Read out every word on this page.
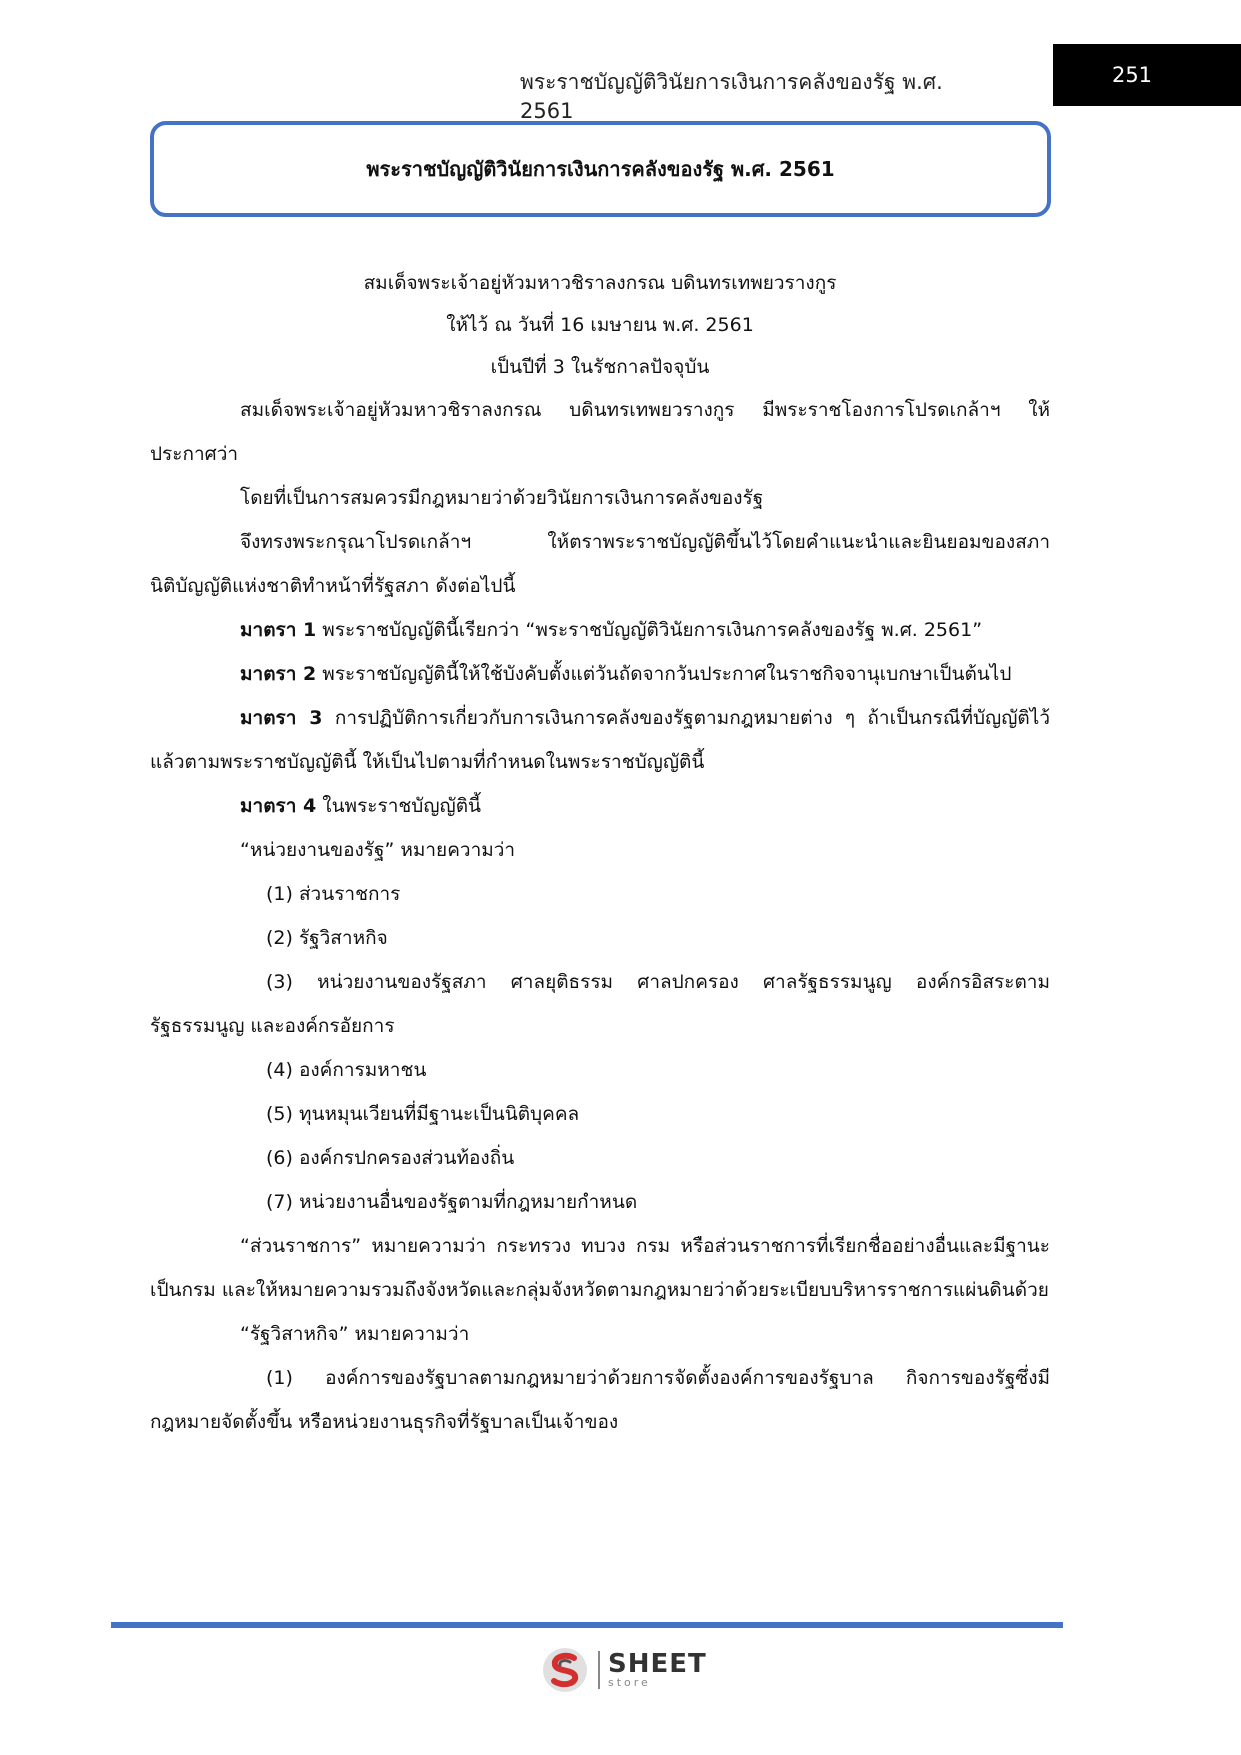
พระราชบัญญัติวินัยการเงินการคลังของรัฐ พ.ศ. 2561
251
พระราชบัญญัติวินัยการเงินการคลังของรัฐ พ.ศ. 2561
สมเด็จพระเจ้าอยู่หัวมหาวชิราลงกรณ บดินทรเทพยวรางกูร
ให้ไว้ ณ วันที่ 16 เมษายน พ.ศ. 2561
เป็นปีที่ 3 ในรัชกาลปัจจุบัน
สมเด็จพระเจ้าอยู่หัวมหาวชิราลงกรณ บดินทรเทพยวรางกูร มีพระราชโองการโปรดเกล้าฯ ให้ประกาศว่า
โดยที่เป็นการสมควรมีกฎหมายว่าด้วยวินัยการเงินการคลังของรัฐ
จึงทรงพระกรุณาโปรดเกล้าฯ ให้ตราพระราชบัญญัติขึ้นไว้โดยคำแนะนำและยินยอมของสภานิติบัญญัติแห่งชาติทำหน้าที่รัฐสภา ดังต่อไปนี้
มาตรา 1 พระราชบัญญัตินี้เรียกว่า “พระราชบัญญัติวินัยการเงินการคลังของรัฐ พ.ศ. 2561”
มาตรา 2 พระราชบัญญัตินี้ให้ใช้บังคับตั้งแต่วันถัดจากวันประกาศในราชกิจจานุเบกษาเป็นต้นไป
มาตรา 3 การปฏิบัติการเกี่ยวกับการเงินการคลังของรัฐตามกฎหมายต่าง ๆ ถ้าเป็นกรณีที่บัญญัติไว้แล้วตามพระราชบัญญัตินี้ ให้เป็นไปตามที่กำหนดในพระราชบัญญัตินี้
มาตรา 4 ในพระราชบัญญัตินี้
“หน่วยงานของรัฐ” หมายความว่า
(1) ส่วนราชการ
(2) รัฐวิสาหกิจ
(3) หน่วยงานของรัฐสภา ศาลยุติธรรม ศาลปกครอง ศาลรัฐธรรมนูญ องค์กรอิสระตามรัฐธรรมนูญ และองค์กรอัยการ
(4) องค์การมหาชน
(5) ทุนหมุนเวียนที่มีฐานะเป็นนิติบุคคล
(6) องค์กรปกครองส่วนท้องถิ่น
(7) หน่วยงานอื่นของรัฐตามที่กฎหมายกำหนด
“ส่วนราชการ” หมายความว่า กระทรวง ทบวง กรม หรือส่วนราชการที่เรียกชื่ออย่างอื่นและมีฐานะเป็นกรม และให้หมายความรวมถึงจังหวัดและกลุ่มจังหวัดตามกฎหมายว่าด้วยระเบียบบริหารราชการแผ่นดินด้วย
“รัฐวิสาหกิจ” หมายความว่า
(1) องค์การของรัฐบาลตามกฎหมายว่าด้วยการจัดตั้งองค์การของรัฐบาล กิจการของรัฐซึ่งมีกฎหมายจัดตั้งขึ้น หรือหน่วยงานธุรกิจที่รัฐบาลเป็นเจ้าของ
SHEET
store
